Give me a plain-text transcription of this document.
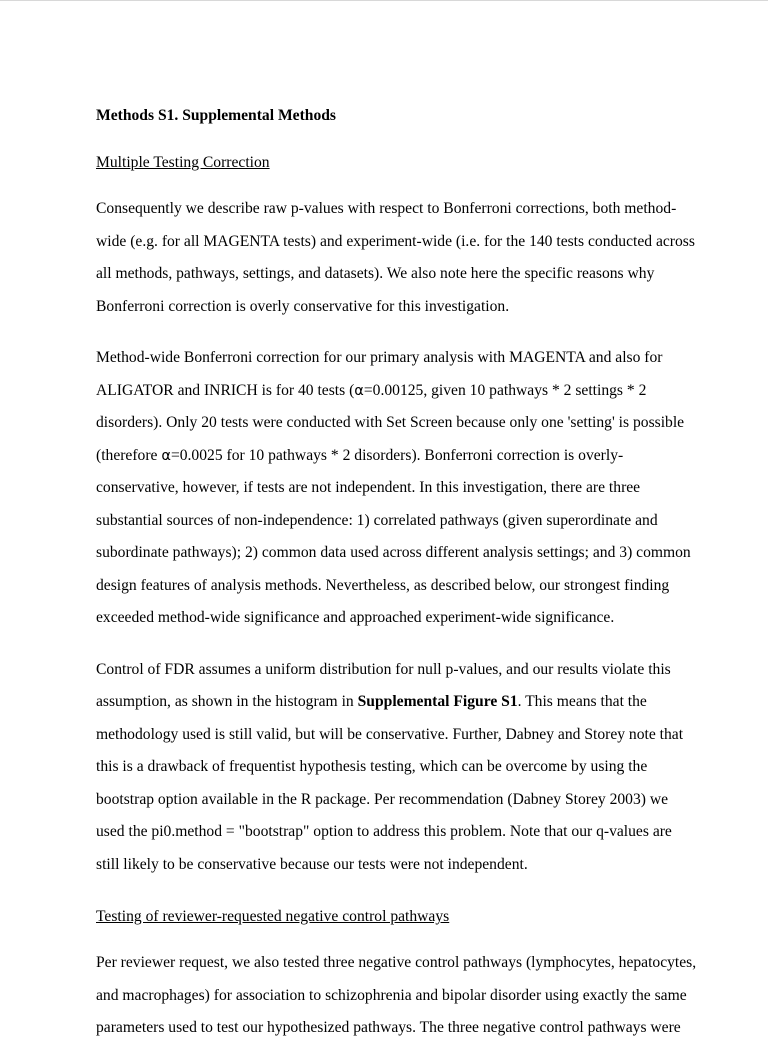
Methods S1. Supplemental Methods
Multiple Testing Correction
Consequently we describe raw p-values with respect to Bonferroni corrections, both method-
wide (e.g. for all MAGENTA tests) and experiment-wide (i.e. for the 140 tests conducted across
all methods, pathways, settings, and datasets). We also note here the specific reasons why
Bonferroni correction is overly conservative for this investigation.
Method-wide Bonferroni correction for our primary analysis with MAGENTA and also for
ALIGATOR and INRICH is for 40 tests (α=0.00125, given 10 pathways * 2 settings * 2
disorders). Only 20 tests were conducted with Set Screen because only one 'setting' is possible
(therefore α=0.0025 for 10 pathways * 2 disorders). Bonferroni correction is overly-
conservative, however, if tests are not independent. In this investigation, there are three
substantial sources of non-independence: 1) correlated pathways (given superordinate and
subordinate pathways); 2) common data used across different analysis settings; and 3) common
design features of analysis methods. Nevertheless, as described below, our strongest finding
exceeded method-wide significance and approached experiment-wide significance.
Control of FDR assumes a uniform distribution for null p-values, and our results violate this
assumption, as shown in the histogram in Supplemental Figure S1. This means that the
methodology used is still valid, but will be conservative. Further, Dabney and Storey note that
this is a drawback of frequentist hypothesis testing, which can be overcome by using the
bootstrap option available in the R package. Per recommendation (Dabney Storey 2003) we
used the pi0.method = "bootstrap" option to address this problem. Note that our q-values are
still likely to be conservative because our tests were not independent.
Testing of reviewer-requested negative control pathways
Per reviewer request, we also tested three negative control pathways (lymphocytes, hepatocytes,
and macrophages) for association to schizophrenia and bipolar disorder using exactly the same
parameters used to test our hypothesized pathways. The three negative control pathways were
